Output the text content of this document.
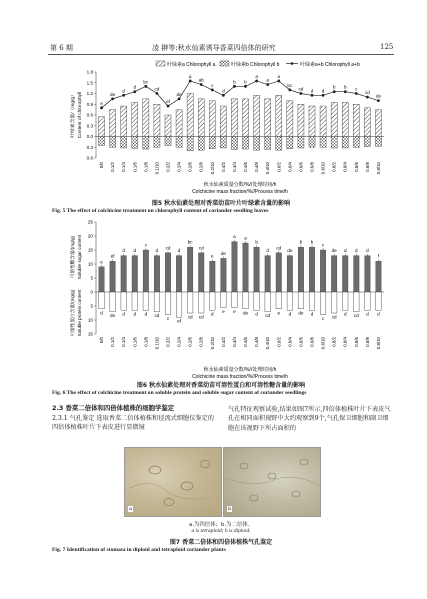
第 6 期	凌 翀等:秋水仙素诱导香菜四倍体的研究	125
叶绿素a Chlorophyll a	叶绿素b Chlorophyll b	叶绿素a+b Chlorophyll a+b
1.8
1.5
1.2
0.9
0.6
0.3
0.0
0.3
0.6
叶绿素含量/（mg/g） Content of chlorophyll	e
0/0
de
0.1/2
d
0.1/4
d
0.1/6
bc
0.1/8
cd
0.1/10
ef
0.2/2
de
0.2/4
a
0.2/6
ab
0.2/8
c
0.2/10
d
0.4/2
b
0.4/4
b
0.4/6
a
0.4/8
a
0.4/10
a
0.6/2
bc
0.6/4
cd
0.6/6
d
0.6/8
d
0.6/10
b
0.8/2
b
0.8/4
c
0.8/6
cd
0.8/8
de
0.8/10
秋水仙素质量分数/%//处理时间/h
Colchicine mass fraction/%//Process time/h
图5 秋水仙素处理对香菜幼苗叶片叶绿素含量的影响
Fig. 5 The effect of colchicine treatment on chlorophyll content of coriander seedling leaves
25
20
15
10
5
0
5
10
15
可溶性糖含量/(mg/g) Soluble sugar content
可溶性蛋白含量/(mg/g) Soluble protein content
e
d
0/0
ef
de
0.1/2
d
d
0.1/4
d
d
0.1/6
c
d
0.1/8
d
cd
0.1/10
cd
c
0.2/2
d
ef
0.2/4
bc
cd
0.2/6
cd
cd
0.2/8
e
d
0.2/10
de
e
0.4/2
a
e
0.4/4
a
de
0.4/6
b
d
0.4/8
d
cd
0.4/10
cd
e
0.6/2
de
d
0.6/4
b
de
0.6/6
b
d
0.6/8
c
c
0.6/10
de
cd
0.8/2
d
d
0.8/4
d
cd
0.8/6
d
d
0.8/8
f
d
0.8/10
秋水仙素质量分数/%//处理时间/h
Colchicine mass fraction/%//Process time/h
图6 秋水仙素处理对香菜幼苗可溶性蛋白和可溶性糖含量的影响
Fig. 6 The effect of colchicine treatment on soluble protein and soluble sugar content of coriander seedlings
2.3 香菜二倍体和四倍体植株的细胞学鉴定
2.3.1 气孔鉴定 选取香菜二倍体植株和径流式细胞仪鉴定的四倍体植株叶片下表皮进行显微镜
气孔特征观察试验,结果如图7所示,四倍体植株叶片下表皮气孔在相同面积视野中大约观察到9个,气孔保卫细胞和副卫细胞在该视野下所占面积的
a	b
a.为四倍体；b.为二倍体。
a is tetraploid; b is diploid.
图7 香菜二倍体和四倍体植株气孔鉴定
Fig. 7 Identification of stomata in diploid and tetraploid coriander plants
